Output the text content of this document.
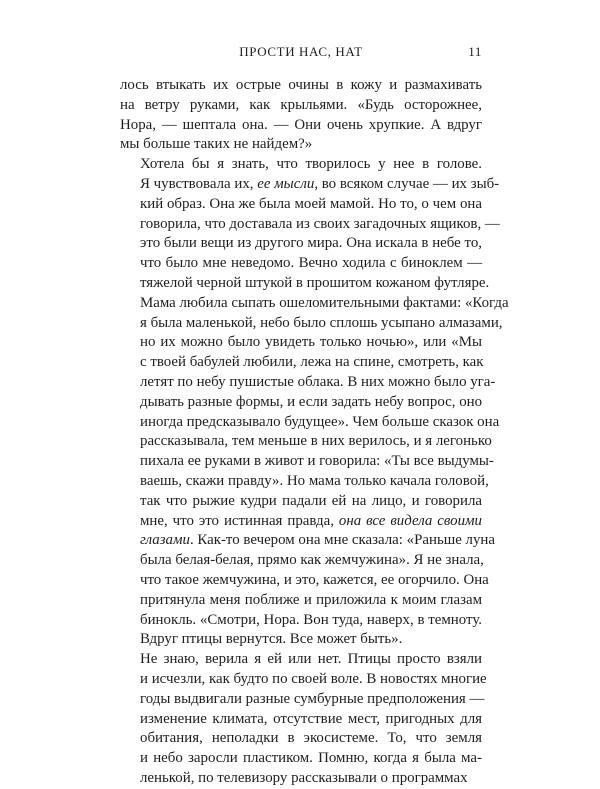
ПРОСТИ НАС, НАТ	11

лось втыкать их острые очины в кожу и размахивать
на ветру руками, как крыльями. «Будь осторожнее,
Нора, — шептала она. — Они очень хрупкие. А вдруг
мы больше таких не найдем?»

Хотела бы я знать, что творилось у нее в голове.
Я чувствовала их, ее мысли, во всяком случае — их зыб-
кий образ. Она же была моей мамой. Но то, о чем она
говорила, что доставала из своих загадочных ящиков, —
это были вещи из другого мира. Она искала в небе то,
что было мне неведомо. Вечно ходила с биноклем —
тяжелой черной штукой в прошитом кожаном футляре.
Мама любила сыпать ошеломительными фактами: «Когда
я была маленькой, небо было сплошь усыпано алмазами,
но их можно было увидеть только ночью», или «Мы
с твоей бабулей любили, лежа на спине, смотреть, как
летят по небу пушистые облака. В них можно было уга-
дывать разные формы, и если задать небу вопрос, оно
иногда предсказывало будущее». Чем больше сказок она
рассказывала, тем меньше в них верилось, и я легонько
пихала ее руками в живот и говорила: «Ты все выдумы-
ваешь, скажи правду». Но мама только качала головой,
так что рыжие кудри падали ей на лицо, и говорила
мне, что это истинная правда, она все видела своими
глазами. Как-то вечером она мне сказала: «Раньше луна
была белая-белая, прямо как жемчужина». Я не знала,
что такое жемчужина, и это, кажется, ее огорчило. Она
притянула меня поближе и приложила к моим глазам
бинокль. «Смотри, Нора. Вон туда, наверх, в темноту.
Вдруг птицы вернутся. Все может быть».

Не знаю, верила я ей или нет. Птицы просто взяли
и исчезли, как будто по своей воле. В новостях многие
годы выдвигали разные сумбурные предположения —
изменение климата, отсутствие мест, пригодных для
обитания, неполадки в экосистеме. То, что земля
и небо заросли пластиком. Помню, когда я была ма-
ленькой, по телевизору рассказывали о программах
